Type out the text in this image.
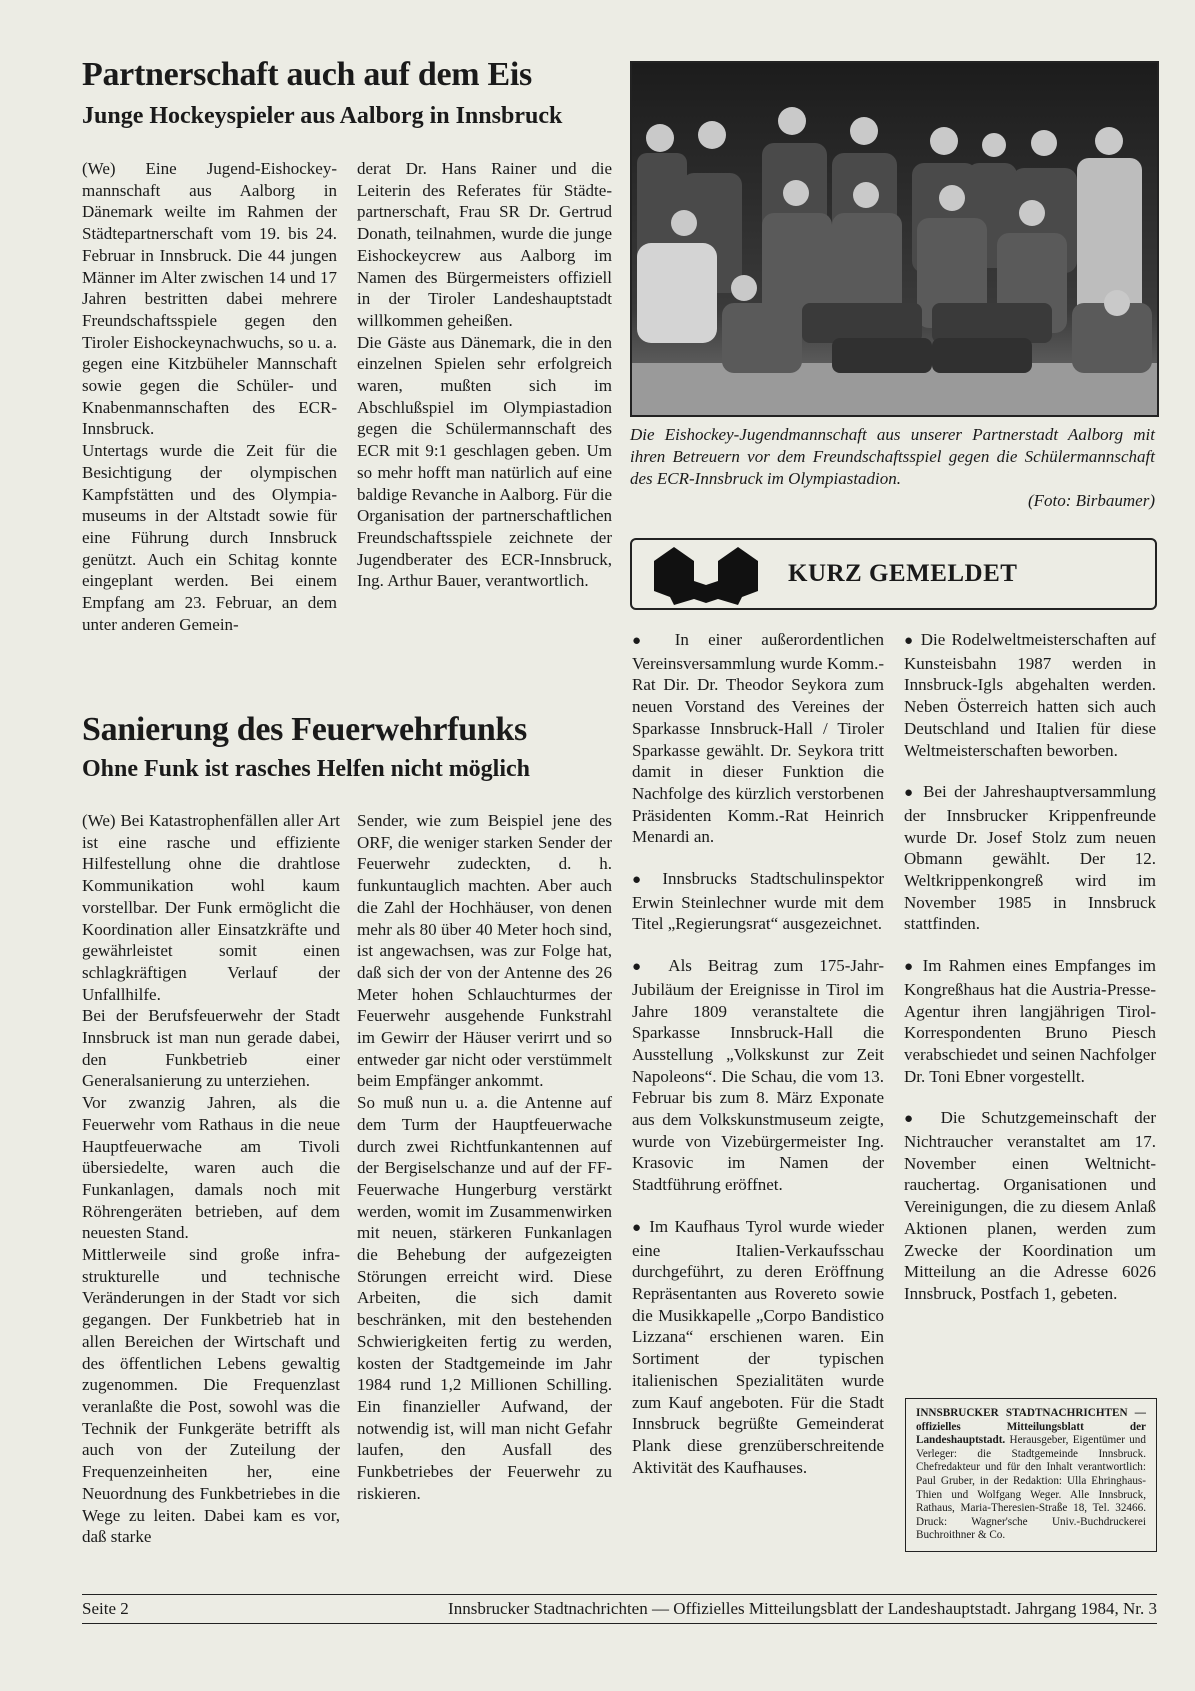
Partnerschaft auch auf dem Eis
Junge Hockeyspieler aus Aalborg in Innsbruck

(We) Eine Jugend-Eishockeymannschaft aus Aalborg in Dänemark weilte im Rahmen der Städtepartnerschaft vom 19. bis 24. Februar in Innsbruck. Die 44 jungen Männer im Alter zwischen 14 und 17 Jahren bestritten dabei mehrere Freundschaftsspiele gegen den Tiroler Eishockeynachwuchs, so u. a. gegen eine Kitzbüheler Mannschaft sowie gegen die Schüler- und Knabenmannschaften des ECR-Innsbruck.

Untertags wurde die Zeit für die Besichtigung der olympischen Kampfstätten und des Olympiamuseums in der Altstadt sowie für eine Führung durch Innsbruck genützt. Auch ein Schitag konnte eingeplant werden. Bei einem Empfang am 23. Februar, an dem unter anderen Gemein-

derat Dr. Hans Rainer und die Leiterin des Referates für Städtepartnerschaft, Frau SR Dr. Gertrud Donath, teilnahmen, wurde die junge Eishockeycrew aus Aalborg im Namen des Bürgermeisters offiziell in der Tiroler Landeshauptstadt willkommen geheißen.

Die Gäste aus Dänemark, die in den einzelnen Spielen sehr erfolgreich waren, mußten sich im Abschlußspiel im Olympiastadion gegen die Schülermannschaft des ECR mit 9:1 geschlagen geben. Um so mehr hofft man natürlich auf eine baldige Revanche in Aalborg. Für die Organisation der partnerschaftlichen Freundschaftsspiele zeichnete der Jugendberater des ECR-Innsbruck, Ing. Arthur Bauer, verantwortlich.

Die Eishockey-Jugendmannschaft aus unserer Partnerstadt Aalborg mit ihren Betreuern vor dem Freundschaftsspiel gegen die Schülermannschaft des ECR-Innsbruck im Olympiastadion.
(Foto: Birbaumer)
KURZ GEMELDET

● In einer außerordentlichen Vereinsversammlung wurde Komm.-Rat Dir. Dr. Theodor Seykora zum neuen Vorstand des Vereines der Sparkasse Innsbruck-Hall / Tiroler Sparkasse gewählt. Dr. Seykora tritt damit in dieser Funktion die Nachfolge des kürzlich verstorbenen Präsidenten Komm.-Rat Heinrich Menardi an.

● Innsbrucks Stadtschulinspektor Erwin Steinlechner wurde mit dem Titel „Regierungsrat“ ausgezeichnet.

● Als Beitrag zum 175-Jahr-Jubiläum der Ereignisse in Tirol im Jahre 1809 veranstaltete die Sparkasse Innsbruck-Hall die Ausstellung „Volkskunst zur Zeit Napoleons“. Die Schau, die vom 13. Februar bis zum 8. März Exponate aus dem Volkskunstmuseum zeigte, wurde von Vizebürgermeister Ing. Krasovic im Namen der Stadtführung eröffnet.

● Im Kaufhaus Tyrol wurde wieder eine Italien-Verkaufsschau durchgeführt, zu deren Eröffnung Repräsentanten aus Rovereto sowie die Musikkapelle „Corpo Bandistico Lizzana“ erschienen waren. Ein Sortiment der typischen italienischen Spezialitäten wurde zum Kauf angeboten. Für die Stadt Innsbruck begrüßte Gemeinderat Plank diese grenzüberschreitende Aktivität des Kaufhauses.

● Die Rodelweltmeisterschaften auf Kunsteisbahn 1987 werden in Innsbruck-Igls abgehalten werden. Neben Österreich hatten sich auch Deutschland und Italien für diese Weltmeisterschaften beworben.

● Bei der Jahreshauptversammlung der Innsbrucker Krippenfreunde wurde Dr. Josef Stolz zum neuen Obmann gewählt. Der 12. Weltkrippenkongreß wird im November 1985 in Innsbruck stattfinden.

● Im Rahmen eines Empfanges im Kongreßhaus hat die Austria-Presse-Agentur ihren langjährigen Tirol-Korrespondenten Bruno Piesch verabschiedet und seinen Nachfolger Dr. Toni Ebner vorgestellt.

● Die Schutzgemeinschaft der Nichtraucher veranstaltet am 17. November einen Weltnichtrauchertag. Organisationen und Vereinigungen, die zu diesem Anlaß Aktionen planen, werden zum Zwecke der Koordination um Mitteilung an die Adresse 6026 Innsbruck, Postfach 1, gebeten.

INNSBRUCKER STADTNACHRICHTEN — offizielles Mitteilungsblatt der Landeshauptstadt. Herausgeber, Eigentümer und Verleger: die Stadtgemeinde Innsbruck. Chefredakteur und für den Inhalt verantwortlich: Paul Gruber, in der Redaktion: Ulla Ehringhaus-Thien und Wolfgang Weger. Alle Innsbruck, Rathaus, Maria-Theresien-Straße 18, Tel. 32466. Druck: Wagner'sche Univ.-Buchdruckerei Buchroithner & Co.
Sanierung des Feuerwehrfunks
Ohne Funk ist rasches Helfen nicht möglich

(We) Bei Katastrophenfällen aller Art ist eine rasche und effiziente Hilfestellung ohne die drahtlose Kommunikation wohl kaum vorstellbar. Der Funk ermöglicht die Koordination aller Einsatzkräfte und gewährleistet somit einen schlagkräftigen Verlauf der Unfallhilfe.

Bei der Berufsfeuerwehr der Stadt Innsbruck ist man nun gerade dabei, den Funkbetrieb einer Generalsanierung zu unterziehen.

Vor zwanzig Jahren, als die Feuerwehr vom Rathaus in die neue Hauptfeuerwache am Tivoli übersiedelte, waren auch die Funkanlagen, damals noch mit Röhrengeräten betrieben, auf dem neuesten Stand.

Mittlerweile sind große infrastrukturelle und technische Veränderungen in der Stadt vor sich gegangen. Der Funkbetrieb hat in allen Bereichen der Wirtschaft und des öffentlichen Lebens gewaltig zugenommen. Die Frequenzlast veranlaßte die Post, sowohl was die Technik der Funkgeräte betrifft als auch von der Zuteilung der Frequenzeinheiten her, eine Neuordnung des Funkbetriebes in die Wege zu leiten. Dabei kam es vor, daß starke

Sender, wie zum Beispiel jene des ORF, die weniger starken Sender der Feuerwehr zudeckten, d. h. funkuntauglich machten. Aber auch die Zahl der Hochhäuser, von denen mehr als 80 über 40 Meter hoch sind, ist angewachsen, was zur Folge hat, daß sich der von der Antenne des 26 Meter hohen Schlauchturmes der Feuerwehr ausgehende Funkstrahl im Gewirr der Häuser verirrt und so entweder gar nicht oder verstümmelt beim Empfänger ankommt.

So muß nun u. a. die Antenne auf dem Turm der Hauptfeuerwache durch zwei Richtfunkantennen auf der Bergiselschanze und auf der FF-Feuerwache Hungerburg verstärkt werden, womit im Zusammenwirken mit neuen, stärkeren Funkanlagen die Behebung der aufgezeigten Störungen erreicht wird. Diese Arbeiten, die sich damit beschränken, mit den bestehenden Schwierigkeiten fertig zu werden, kosten der Stadtgemeinde im Jahr 1984 rund 1,2 Millionen Schilling. Ein finanzieller Aufwand, der notwendig ist, will man nicht Gefahr laufen, den Ausfall des Funkbetriebes der Feuerwehr zu riskieren.

Seite 2	Innsbrucker Stadtnachrichten — Offizielles Mitteilungsblatt der Landeshauptstadt. Jahrgang 1984, Nr. 3
